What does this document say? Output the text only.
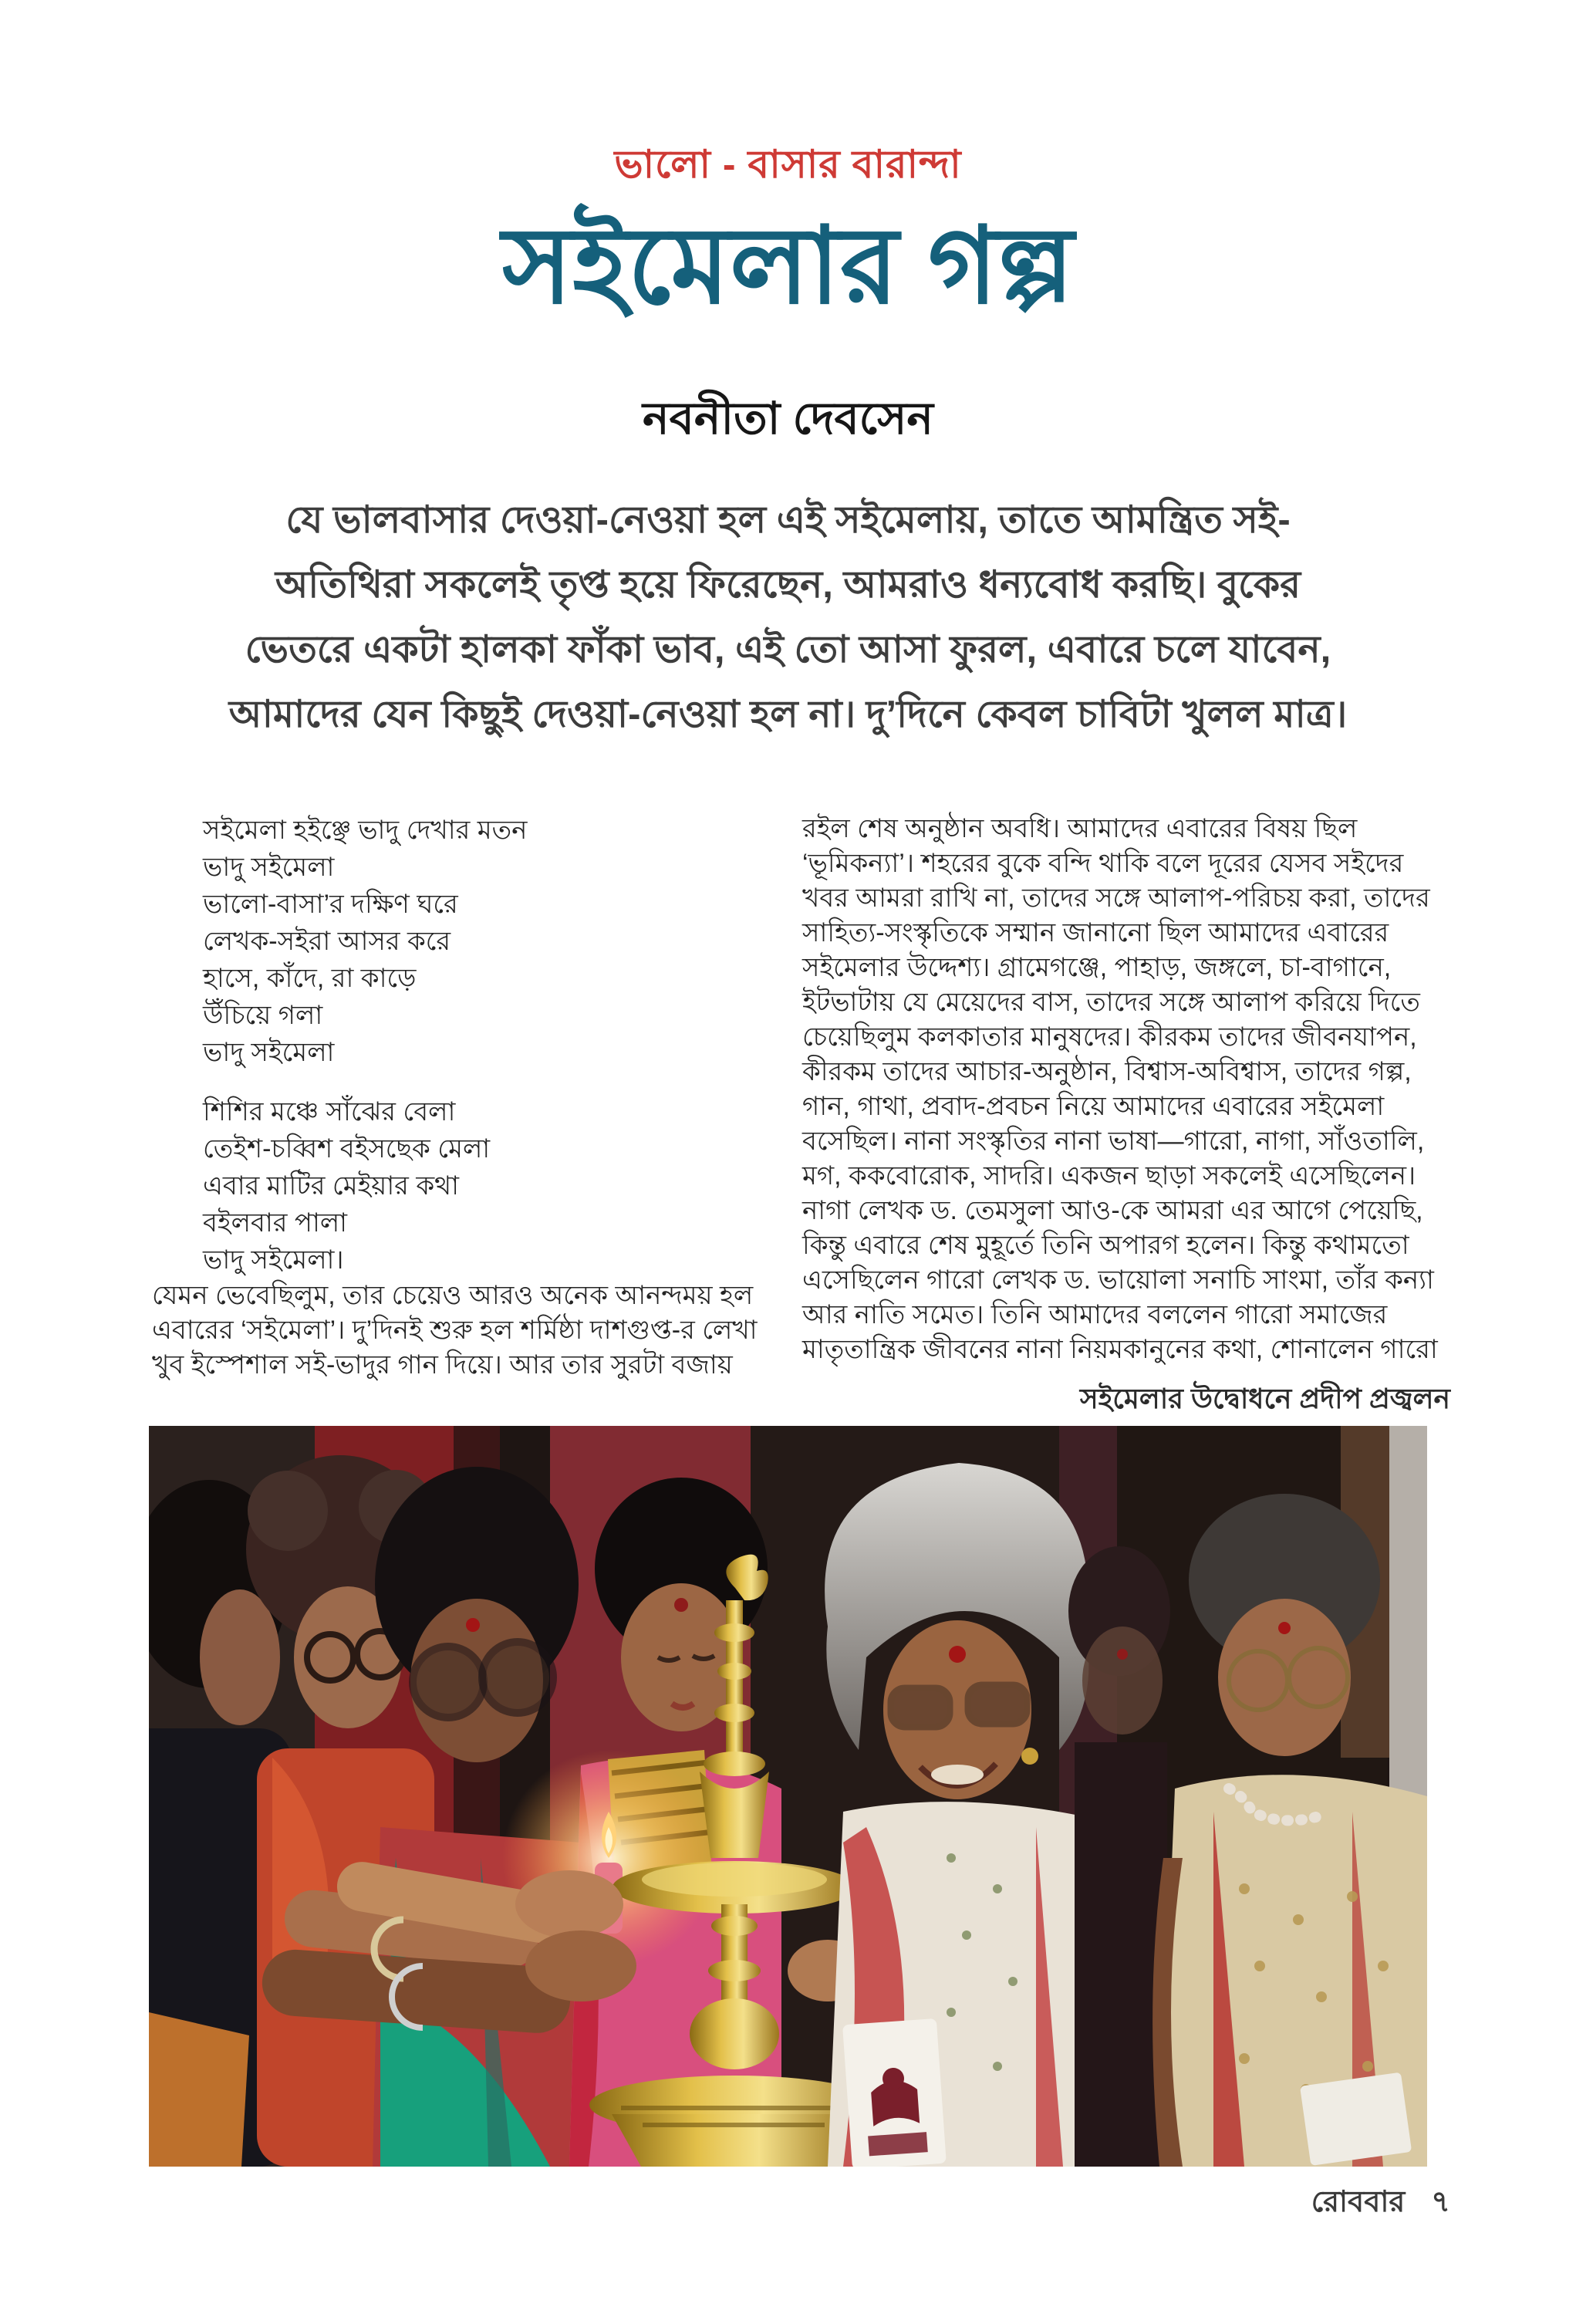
ভালো - বাসার বারান্দা
সইমেলার গল্প
নবনীতা দেবসেন
যে ভালবাসার দেওয়া-নেওয়া হল এই সইমেলায়, তাতে আমন্ত্রিত সই-
অতিথিরা সকলেই তৃপ্ত হয়ে ফিরেছেন, আমরাও ধন্যবোধ করছি। বুকের
ভেতরে একটা হালকা ফাঁকা ভাব, এই তো আসা ফুরল, এবারে চলে যাবেন,
আমাদের যেন কিছুই দেওয়া-নেওয়া হল না। দু’দিনে কেবল চাবিটা খুলল মাত্র।
সইমেলা হইঞ্ছে ভাদু দেখার মতন
ভাদু সইমেলা
ভালো-বাসা’র দক্ষিণ ঘরে
লেখক-সইরা আসর করে
হাসে, কাঁদে, রা কাড়ে
উঁচিয়ে গলা
ভাদু সইমেলা
শিশির মঞ্চে সাঁঝের বেলা
তেইশ-চব্বিশ বইসছেক মেলা
এবার মাটির মেইয়ার কথা
বইলবার পালা
ভাদু সইমেলা।
যেমন ভেবেছিলুম, তার চেয়েও আরও অনেক আনন্দময় হল
এবারের ‘সইমেলা’। দু’দিনই শুরু হল শর্মিষ্ঠা দাশগুপ্ত-র লেখা
খুব ইস্পেশাল সই-ভাদুর গান দিয়ে। আর তার সুরটা বজায়
রইল শেষ অনুষ্ঠান অবধি। আমাদের এবারের বিষয় ছিল
‘ভূমিকন্যা’। শহরের বুকে বন্দি থাকি বলে দূরের যেসব সইদের
খবর আমরা রাখি না, তাদের সঙ্গে আলাপ-পরিচয় করা, তাদের
সাহিত্য-সংস্কৃতিকে সম্মান জানানো ছিল আমাদের এবারের
সইমেলার উদ্দেশ্য। গ্রামেগঞ্জে, পাহাড়, জঙ্গলে, চা-বাগানে,
ইটভাটায় যে মেয়েদের বাস, তাদের সঙ্গে আলাপ করিয়ে দিতে
চেয়েছিলুম কলকাতার মানুষদের। কীরকম তাদের জীবনযাপন,
কীরকম তাদের আচার-অনুষ্ঠান, বিশ্বাস-অবিশ্বাস, তাদের গল্প,
গান, গাথা, প্রবাদ-প্রবচন নিয়ে আমাদের এবারের সইমেলা
বসেছিল। নানা সংস্কৃতির নানা ভাষা—গারো, নাগা, সাঁওতালি,
মগ, ককবোরোক, সাদরি। একজন ছাড়া সকলেই এসেছিলেন।
নাগা লেখক ড. তেমসুলা আও-কে আমরা এর আগে পেয়েছি,
কিন্তু এবারে শেষ মুহূর্তে তিনি অপারগ হলেন। কিন্তু কথামতো
এসেছিলেন গারো লেখক ড. ভায়োলা সনাচি সাংমা, তাঁর কন্যা
আর নাতি সমেত। তিনি আমাদের বললেন গারো সমাজের
মাতৃতান্ত্রিক জীবনের নানা নিয়মকানুনের কথা, শোনালেন গারো
সইমেলার উদ্বোধনে প্রদীপ প্রজ্বলন
রোববার ৭
